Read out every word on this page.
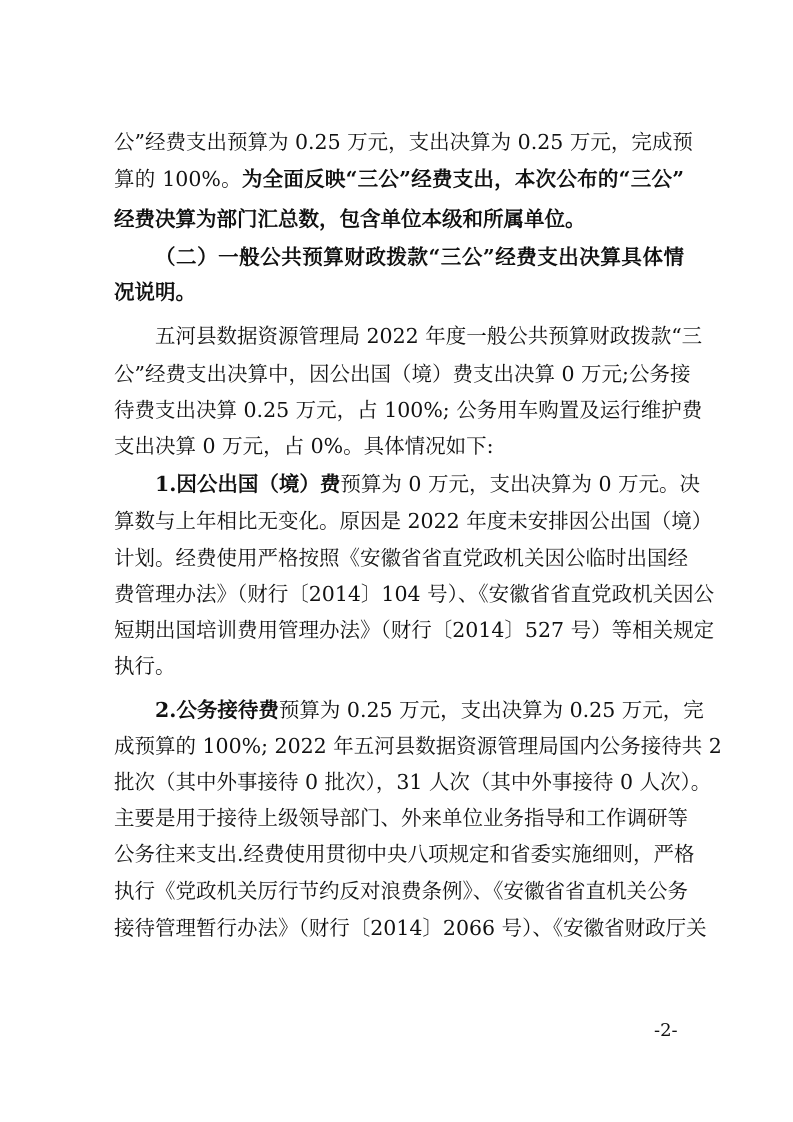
公”经费支出预算为 0.25 万元，支出决算为 0.25 万元，完成预
算的 100%。为全面反映“三公”经费支出，本次公布的“三公”
经费决算为部门汇总数，包含单位本级和所属单位。
（二）一般公共预算财政拨款“三公”经费支出决算具体情
况说明。
五河县数据资源管理局 2022 年度一般公共预算财政拨款“三
公”经费支出决算中，因公出国（境）费支出决算 0 万元;公务接
待费支出决算 0.25 万元，占 100%; 公务用车购置及运行维护费
支出决算 0 万元，占 0%。具体情况如下:
1.因公出国（境）费预算为 0 万元，支出决算为 0 万元。决
算数与上年相比无变化。原因是 2022 年度未安排因公出国（境）
计划。经费使用严格按照《安徽省省直党政机关因公临时出国经
费管理办法》（财行〔2014〕104 号）、《安徽省省直党政机关因公
短期出国培训费用管理办法》（财行〔2014〕527 号）等相关规定
执行。
2.公务接待费预算为 0.25 万元，支出决算为 0.25 万元，完
成预算的 100%; 2022 年五河县数据资源管理局国内公务接待共 2
批次（其中外事接待 0 批次），31 人次（其中外事接待 0 人次）。
主要是用于接待上级领导部门、外来单位业务指导和工作调研等
公务往来支出.经费使用贯彻中央八项规定和省委实施细则，严格
执行《党政机关厉行节约反对浪费条例》、《安徽省省直机关公务
接待管理暂行办法》（财行〔2014〕2066 号）、《安徽省财政厅关
-2-
